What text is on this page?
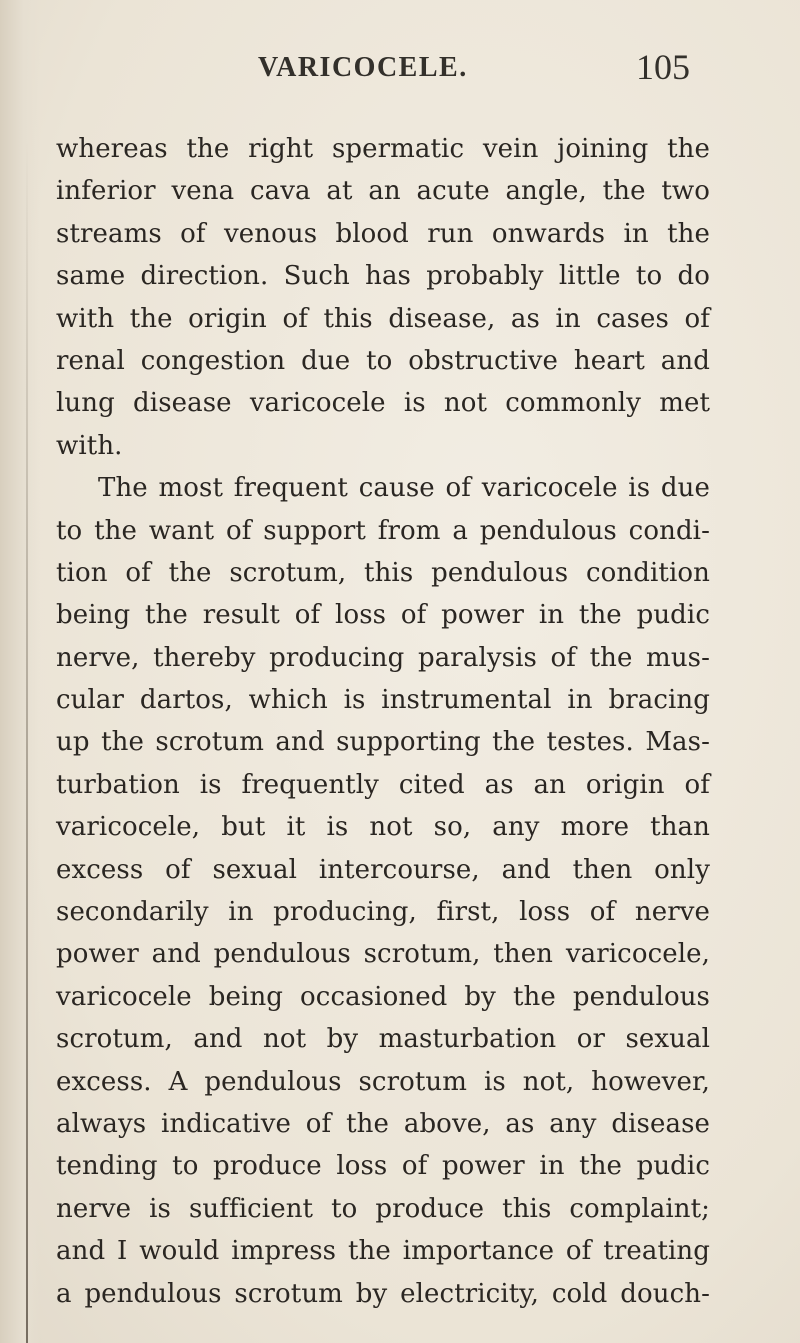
VARICOCELE.	105
whereas the right spermatic vein joining the
inferior vena cava at an acute angle, the two
streams of venous blood run onwards in the
same direction. Such has probably little to do
with the origin of this disease, as in cases of
renal congestion due to obstructive heart and
lung disease varicocele is not commonly met
with.
The most frequent cause of varicocele is due
to the want of support from a pendulous condi-
tion of the scrotum, this pendulous condition
being the result of loss of power in the pudic
nerve, thereby producing paralysis of the mus-
cular dartos, which is instrumental in bracing
up the scrotum and supporting the testes. Mas-
turbation is frequently cited as an origin of
varicocele, but it is not so, any more than
excess of sexual intercourse, and then only
secondarily in producing, first, loss of nerve
power and pendulous scrotum, then varicocele,
varicocele being occasioned by the pendulous
scrotum, and not by masturbation or sexual
excess. A pendulous scrotum is not, however,
always indicative of the above, as any disease
tending to produce loss of power in the pudic
nerve is sufficient to produce this complaint;
and I would impress the importance of treating
a pendulous scrotum by electricity, cold douch-
